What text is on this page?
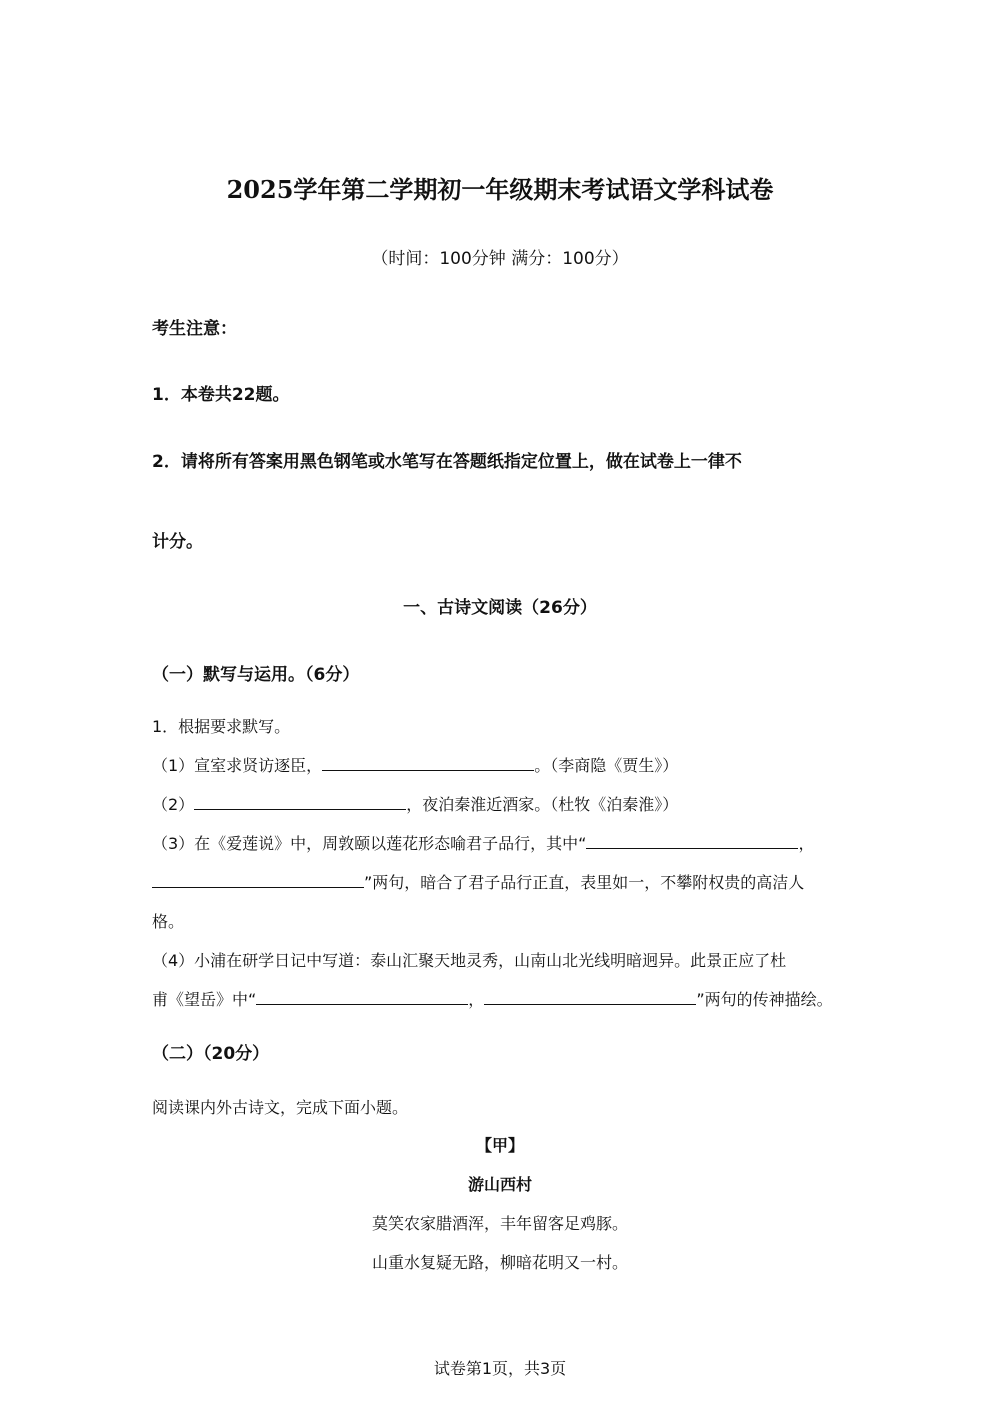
2025学年第二学期初一年级期末考试语文学科试卷
（时间：100分钟 满分：100分）
考生注意：
1．本卷共22题。
2．请将所有答案用黑色钢笔或水笔写在答题纸指定位置上，做在试卷上一律不
计分。
一、古诗文阅读（26分）
（一）默写与运用。（6分）
1．根据要求默写。
（1）宣室求贤访逐臣，	。（李商隐《贾生》）
（2）	，夜泊秦淮近酒家。（杜牧《泊秦淮》）
（3）在《爱莲说》中，周敦颐以莲花形态喻君子品行，其中“	，
”两句，暗合了君子品行正直，表里如一，不攀附权贵的高洁人
格。
（4）小浦在研学日记中写道：泰山汇聚天地灵秀，山南山北光线明暗迥异。此景正应了杜
甫《望岳》中“	，	”两句的传神描绘。
（二）（20分）
阅读课内外古诗文，完成下面小题。
【甲】
游山西村
莫笑农家腊酒浑，丰年留客足鸡豚。
山重水复疑无路，柳暗花明又一村。
试卷第1页，共3页
